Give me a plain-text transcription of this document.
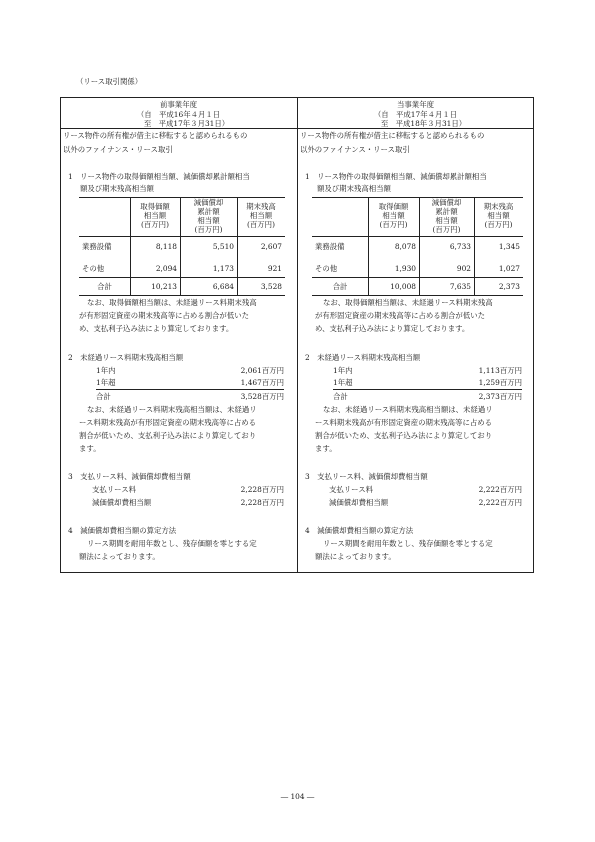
（リース取引関係）
前事業年度
（自　平成16年４月１日
至　平成17年３月31日）
リース物件の所有権が借主に移転すると認められるもの
以外のファイナンス・リース取引
1　リース物件の取得価額相当額、減価償却累計額相当
額及び期末残高相当額
取得価額
相当額
(百万円)
減価償却
累計額
相当額
(百万円)
期末残高
相当額
(百万円)
業務設備	8,118	5,510	2,607
その他	2,094	1,173	921
合計	10,213	6,684	3,528
なお、取得価額相当額は、未経過リース料期末残高
が有形固定資産の期末残高等に占める割合が低いた
め、支払利子込み法により算定しております。
2　未経過リース料期末残高相当額
1年内	2,061百万円
1年超	1,467百万円
合計	3,528百万円
なお、未経過リース料期末残高相当額は、未経過リ
ース料期末残高が有形固定資産の期末残高等に占める
割合が低いため、支払利子込み法により算定しており
ます。
3　支払リース料、減価償却費相当額
支払リース料	2,228百万円
減価償却費相当額	2,228百万円
4　減価償却費相当額の算定方法
リース期間を耐用年数とし、残存価額を零とする定
額法によっております。
当事業年度
（自　平成17年４月１日
至　平成18年３月31日）
リース物件の所有権が借主に移転すると認められるもの
以外のファイナンス・リース取引
1　リース物件の取得価額相当額、減価償却累計額相当
額及び期末残高相当額
取得価額
相当額
(百万円)
減価償却
累計額
相当額
(百万円)
期末残高
相当額
(百万円)
業務設備	8,078	6,733	1,345
その他	1,930	902	1,027
合計	10,008	7,635	2,373
なお、取得価額相当額は、未経過リース料期末残高
が有形固定資産の期末残高等に占める割合が低いた
め、支払利子込み法により算定しております。
2　未経過リース料期末残高相当額
1年内	1,113百万円
1年超	1,259百万円
合計	2,373百万円
なお、未経過リース料期末残高相当額は、未経過リ
ース料期末残高が有形固定資産の期末残高等に占める
割合が低いため、支払利子込み法により算定しており
ます。
3　支払リース料、減価償却費相当額
支払リース料	2,222百万円
減価償却費相当額	2,222百万円
4　減価償却費相当額の算定方法
リース期間を耐用年数とし、残存価額を零とする定
額法によっております。
― 104 ―
